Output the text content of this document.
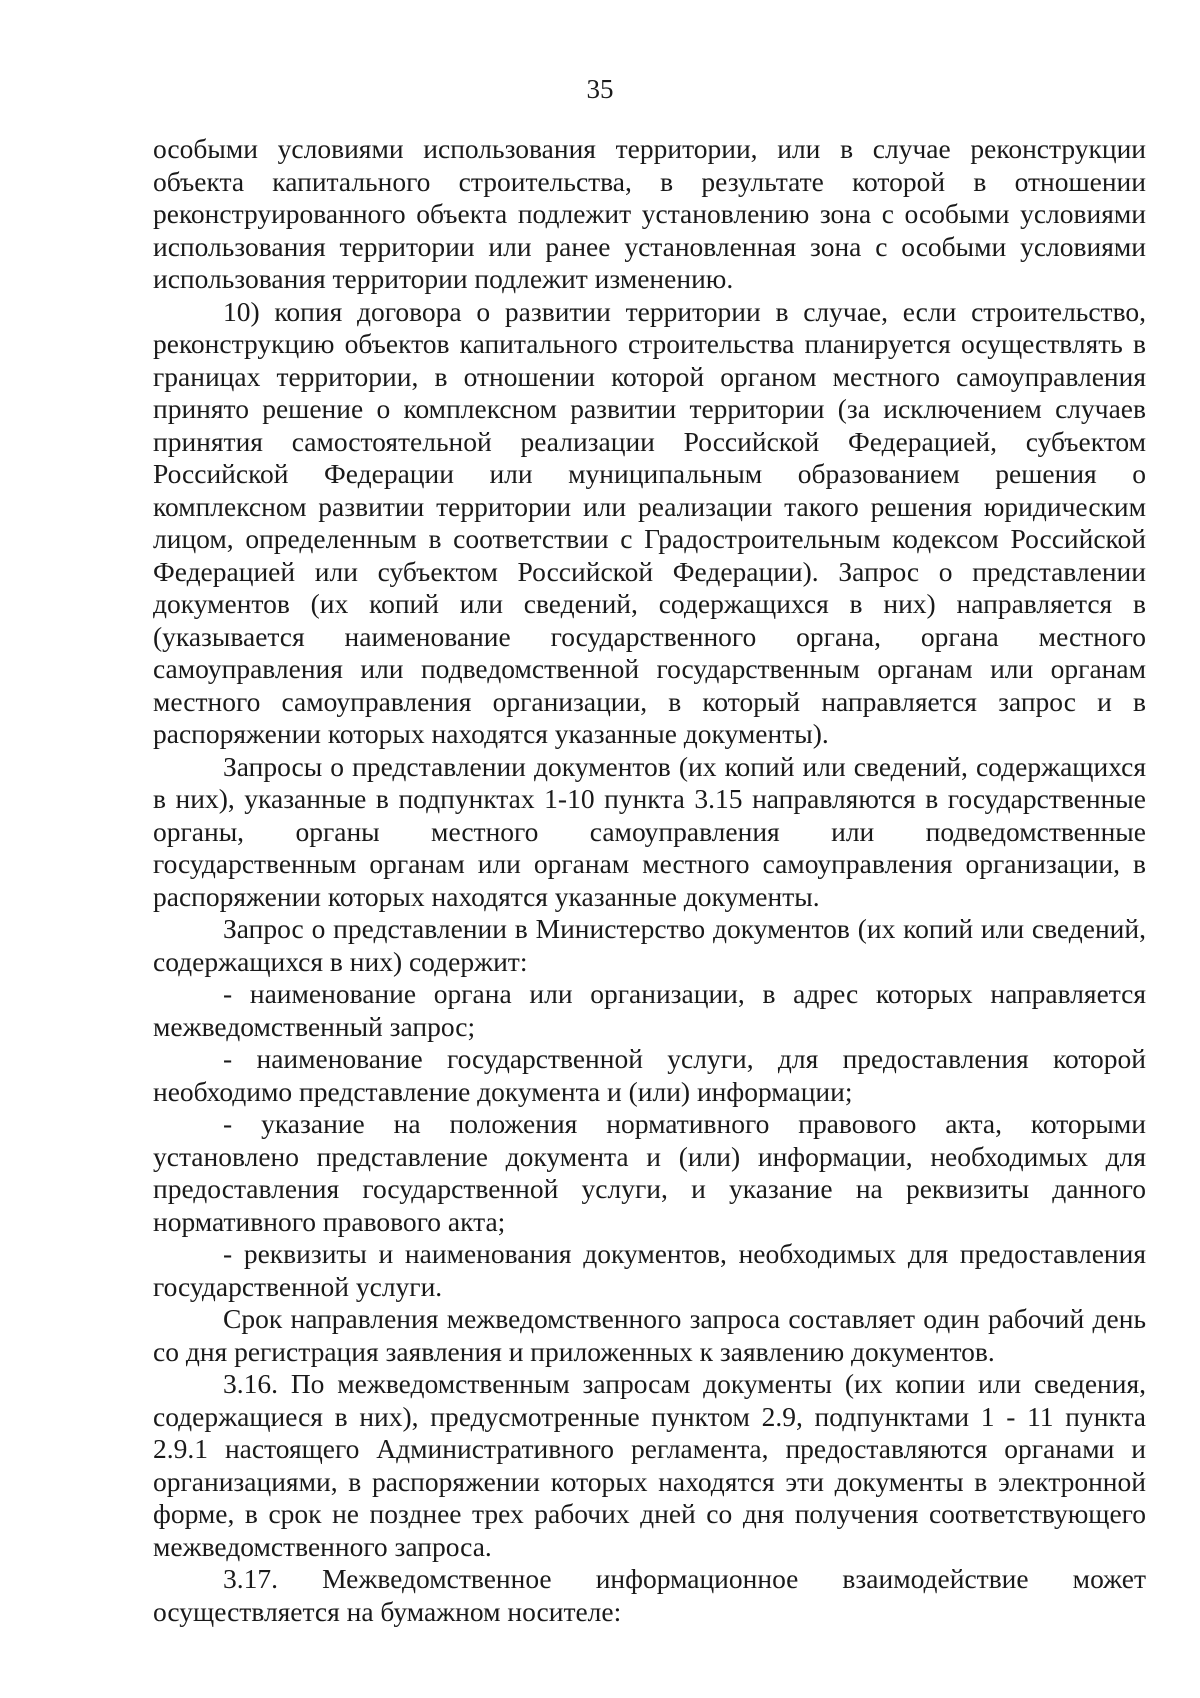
35
особыми условиями использования территории, или в случае реконструкции
объекта капитального строительства, в результате которой в отношении
реконструированного объекта подлежит установлению зона с особыми условиями
использования территории или ранее установленная зона с особыми условиями
использования территории подлежит изменению.
10) копия договора о развитии территории в случае, если строительство,
реконструкцию объектов капитального строительства планируется осуществлять в
границах территории, в отношении которой органом местного самоуправления
принято решение о комплексном развитии территории (за исключением случаев
принятия самостоятельной реализации Российской Федерацией, субъектом
Российской Федерации или муниципальным образованием решения о
комплексном развитии территории или реализации такого решения юридическим
лицом, определенным в соответствии с Градостроительным кодексом Российской
Федерацией или субъектом Российской Федерации). Запрос о представлении
документов (их копий или сведений, содержащихся в них) направляется в
(указывается наименование государственного органа, органа местного
самоуправления или подведомственной государственным органам или органам
местного самоуправления организации, в который направляется запрос и в
распоряжении которых находятся указанные документы).
Запросы о представлении документов (их копий или сведений, содержащихся
в них), указанные в подпунктах 1-10 пункта 3.15 направляются в государственные
органы, органы местного самоуправления или подведомственные
государственным органам или органам местного самоуправления организации, в
распоряжении которых находятся указанные документы.
Запрос о представлении в Министерство документов (их копий или сведений,
содержащихся в них) содержит:
- наименование органа или организации, в адрес которых направляется
межведомственный запрос;
- наименование государственной услуги, для предоставления которой
необходимо представление документа и (или) информации;
- указание на положения нормативного правового акта, которыми
установлено представление документа и (или) информации, необходимых для
предоставления государственной услуги, и указание на реквизиты данного
нормативного правового акта;
- реквизиты и наименования документов, необходимых для предоставления
государственной услуги.
Срок направления межведомственного запроса составляет один рабочий день
со дня регистрация заявления и приложенных к заявлению документов.
3.16. По межведомственным запросам документы (их копии или сведения,
содержащиеся в них), предусмотренные пунктом 2.9, подпунктами 1 - 11 пункта
2.9.1 настоящего Административного регламента, предоставляются органами и
организациями, в распоряжении которых находятся эти документы в электронной
форме, в срок не позднее трех рабочих дней со дня получения соответствующего
межведомственного запроса.
3.17. Межведомственное информационное взаимодействие может
осуществляется на бумажном носителе:
